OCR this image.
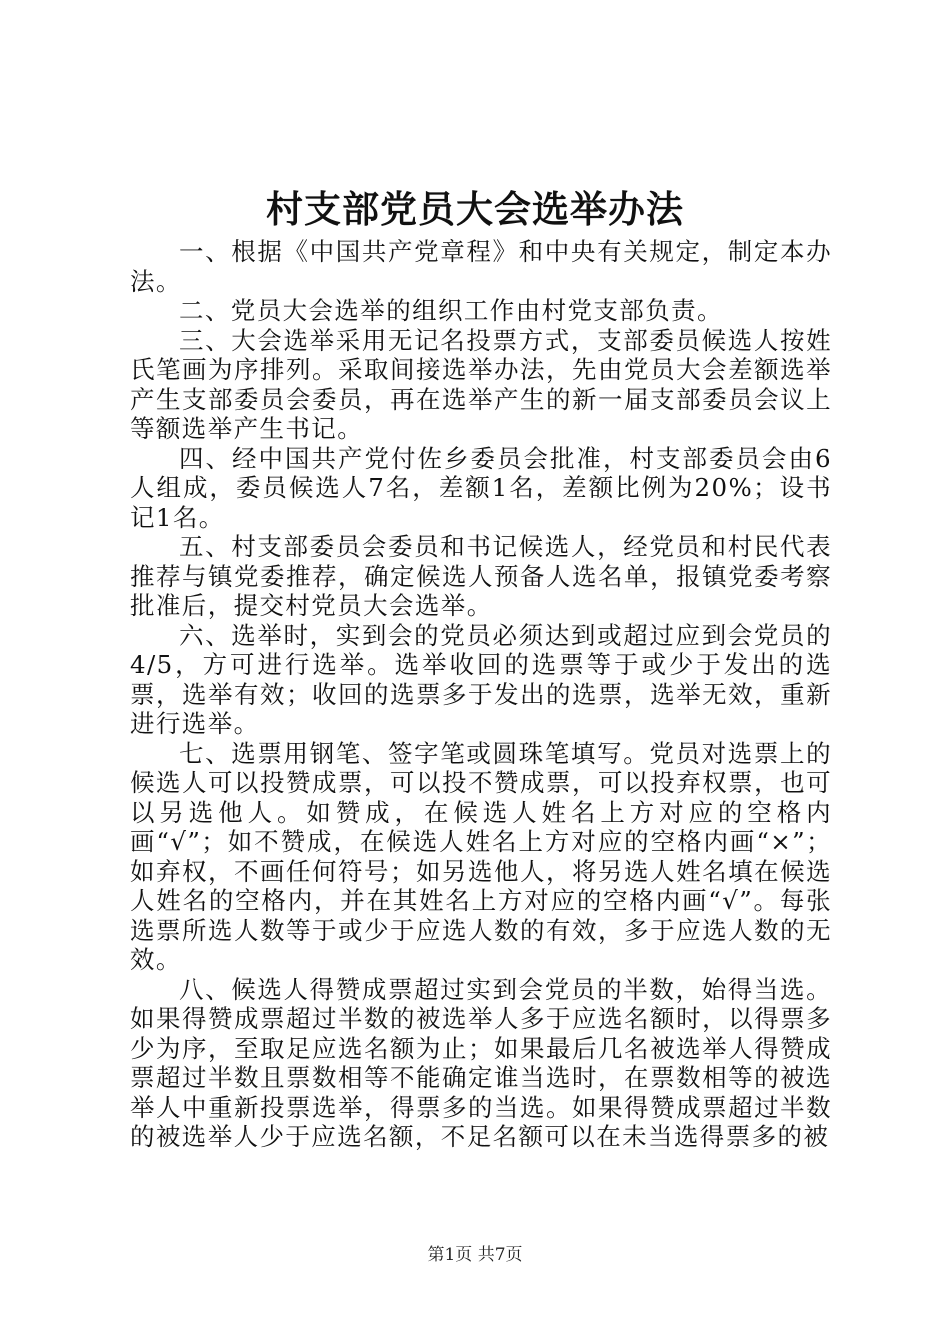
村支部党员大会选举办法

一、根据《中国共产党章程》和中央有关规定，制定本办法。

二、党员大会选举的组织工作由村党支部负责。

三、大会选举采用无记名投票方式，支部委员候选人按姓氏笔画为序排列。采取间接选举办法，先由党员大会差额选举产生支部委员会委员，再在选举产生的新一届支部委员会议上等额选举产生书记。

四、经中国共产党付佐乡委员会批准，村支部委员会由6人组成，委员候选人7名，差额1名，差额比例为20%；设书记1名。

五、村支部委员会委员和书记候选人，经党员和村民代表推荐与镇党委推荐，确定候选人预备人选名单，报镇党委考察批准后，提交村党员大会选举。

六、选举时，实到会的党员必须达到或超过应到会党员的4/5，方可进行选举。选举收回的选票等于或少于发出的选票，选举有效；收回的选票多于发出的选票，选举无效，重新进行选举。

七、选票用钢笔、签字笔或圆珠笔填写。党员对选票上的候选人可以投赞成票，可以投不赞成票，可以投弃权票，也可以另选他人。如赞成，在候选人姓名上方对应的空格内画“√”；如不赞成，在候选人姓名上方对应的空格内画“×”；如弃权，不画任何符号；如另选他人，将另选人姓名填在候选人姓名的空格内，并在其姓名上方对应的空格内画“√”。每张选票所选人数等于或少于应选人数的有效，多于应选人数的无效。

八、候选人得赞成票超过实到会党员的半数，始得当选。如果得赞成票超过半数的被选举人多于应选名额时，以得票多少为序，至取足应选名额为止；如果最后几名被选举人得赞成票超过半数且票数相等不能确定谁当选时，在票数相等的被选举人中重新投票选举，得票多的当选。如果得赞成票超过半数的被选举人少于应选名额，不足名额可以在未当选得票多的被

第1页 共7页
